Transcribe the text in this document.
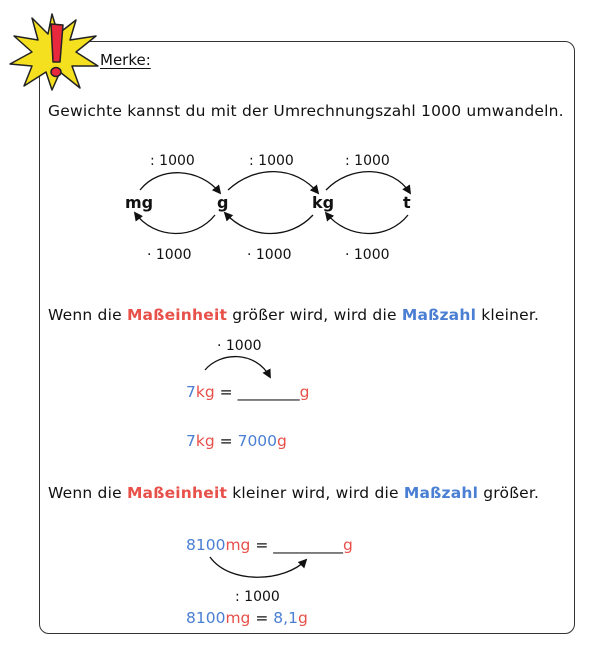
Merke:
Gewichte kannst du mit der Umrechnungszahl 1000 umwandeln.
mg	g	kg	t
: 1000	: 1000	: 1000
· 1000	· 1000	· 1000
Wenn die Maßeinheit größer wird, wird die Maßzahl kleiner.
· 1000
7kg = ________g
7kg = 7000g
Wenn die Maßeinheit kleiner wird, wird die Maßzahl größer.
8100mg = _________g
: 1000
8100mg = 8,1g
